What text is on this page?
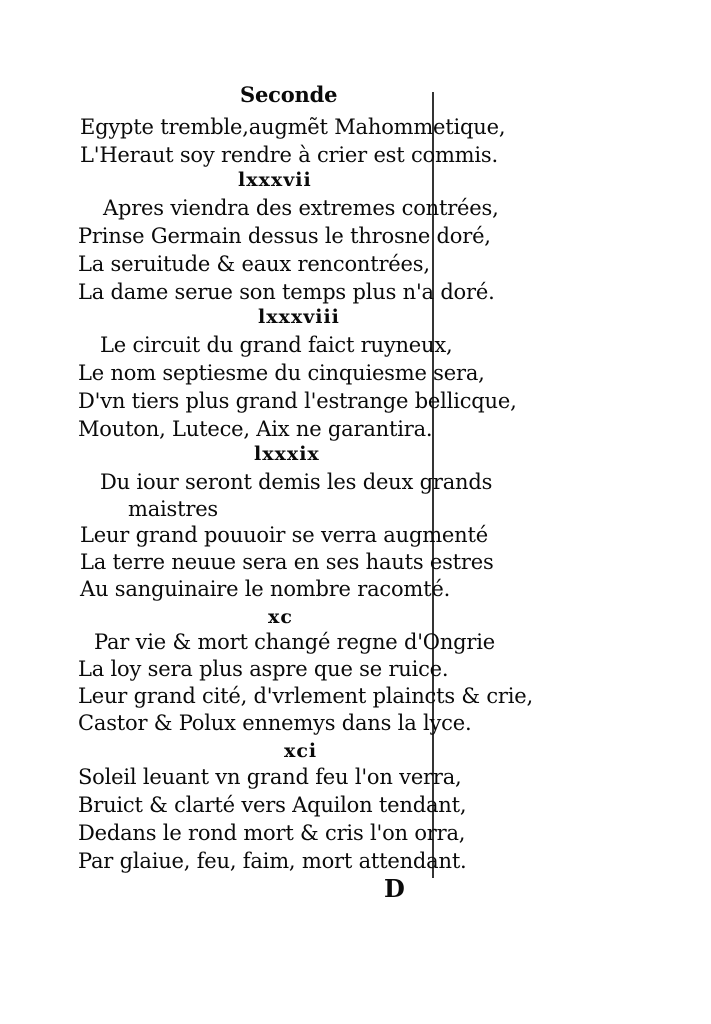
Seconde
Egypte tremble,augmẽt Mahommetique,
L'Heraut soy rendre à crier est commis.
lxxxvii
Apres viendra des extremes contrées,
Prinse Germain dessus le throsne doré,
La seruitude & eaux rencontrées,
La dame serue son temps plus n'a doré.
lxxxviii
Le circuit du grand faict ruyneux,
Le nom septiesme du cinquiesme sera,
D'vn tiers plus grand l'estrange bellicque,
Mouton, Lutece, Aix ne garantira.
lxxxix
Du iour seront demis les deux grands
maistres
Leur grand pouuoir se verra augmenté
La terre neuue sera en ses hauts estres
Au sanguinaire le nombre racomté.
xc
Par vie & mort changé regne d'Ongrie
La loy sera plus aspre que se ruice.
Leur grand cité, d'vrlement plaincts & crie,
Castor & Polux ennemys dans la lyce.
xci
Soleil leuant vn grand feu l'on verra,
Bruict & clarté vers Aquilon tendant,
Dedans le rond mort & cris l'on orra,
Par glaiue, feu, faim, mort attendant.
D
